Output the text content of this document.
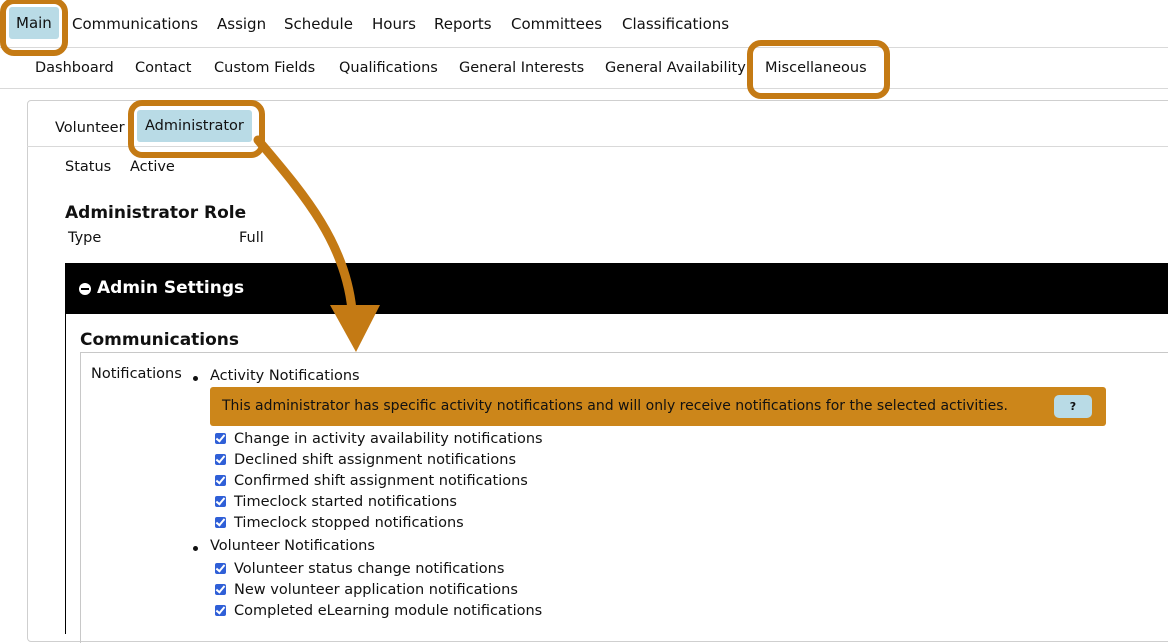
Main	Communications Assign Schedule Hours Reports Committees Classifications
Dashboard Contact Custom Fields Qualifications General Interests General Availability Miscellaneous
Volunteer	Administrator
Status Active
Administrator Role
Type	Full
Admin Settings
Communications
Notifications Activity Notifications
This administrator has specific activity notifications and will only receive notifications for the selected activities.	?
Change in activity availability notifications
Declined shift assignment notifications
Confirmed shift assignment notifications
Timeclock started notifications
Timeclock stopped notifications
Volunteer Notifications
Volunteer status change notifications
New volunteer application notifications
Completed eLearning module notifications
